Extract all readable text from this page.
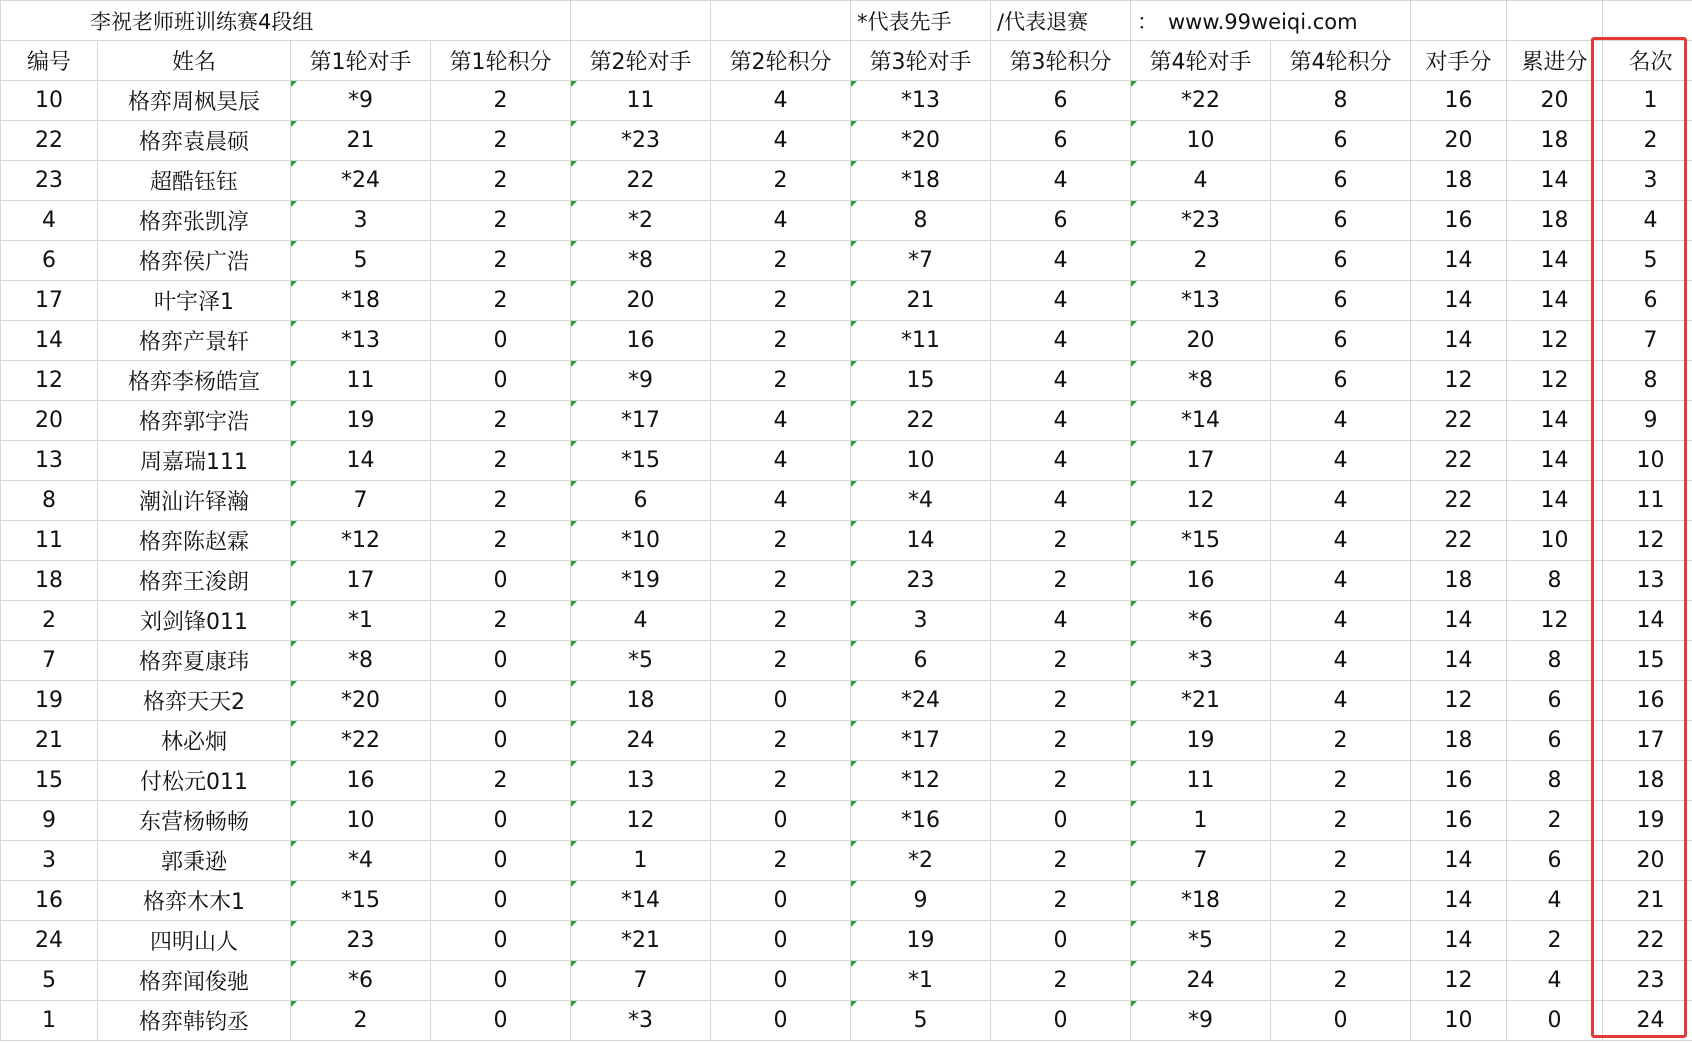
李祝老师班训练赛4段组						*代表先手	/代表退赛	： www.99weiqi.com					
编号	姓名	第1轮对手	第1轮积分	第2轮对手	第2轮积分	第3轮对手	第3轮积分	第4轮对手	第4轮积分	对手分	累进分	名次	
10	格弈周枫昊辰	*9	2	11	4	*13	6	*22	8	16	20	1	
22	格弈袁晨硕	21	2	*23	4	*20	6	10	6	20	18	2	
23	超酷钰钰	*24	2	22	2	*18	4	4	6	18	14	3	
4	格弈张凯淳	3	2	*2	4	8	6	*23	6	16	18	4	
6	格弈侯广浩	5	2	*8	2	*7	4	2	6	14	14	5	
17	叶宇泽1	*18	2	20	2	21	4	*13	6	14	14	6	
14	格弈产景轩	*13	0	16	2	*11	4	20	6	14	12	7	
12	格弈李杨皓宣	11	0	*9	2	15	4	*8	6	12	12	8	
20	格弈郭宇浩	19	2	*17	4	22	4	*14	4	22	14	9	
13	周嘉瑞111	14	2	*15	4	10	4	17	4	22	14	10	
8	潮汕许铎瀚	7	2	6	4	*4	4	12	4	22	14	11	
11	格弈陈赵霖	*12	2	*10	2	14	2	*15	4	22	10	12	
18	格弈王浚朗	17	0	*19	2	23	2	16	4	18	8	13	
2	刘剑锋011	*1	2	4	2	3	4	*6	4	14	12	14	
7	格弈夏康玮	*8	0	*5	2	6	2	*3	4	14	8	15	
19	格弈天天2	*20	0	18	0	*24	2	*21	4	12	6	16	
21	林必炯	*22	0	24	2	*17	2	19	2	18	6	17	
15	付松元011	16	2	13	2	*12	2	11	2	16	8	18	
9	东营杨畅畅	10	0	12	0	*16	0	1	2	16	2	19	
3	郭秉逊	*4	0	1	2	*2	2	7	2	14	6	20	
16	格弈木木1	*15	0	*14	0	9	2	*18	2	14	4	21	
24	四明山人	23	0	*21	0	19	0	*5	2	14	2	22	
5	格弈闻俊驰	*6	0	7	0	*1	2	24	2	12	4	23	
1	格弈韩钧丞	2	0	*3	0	5	0	*9	0	10	0	24	
